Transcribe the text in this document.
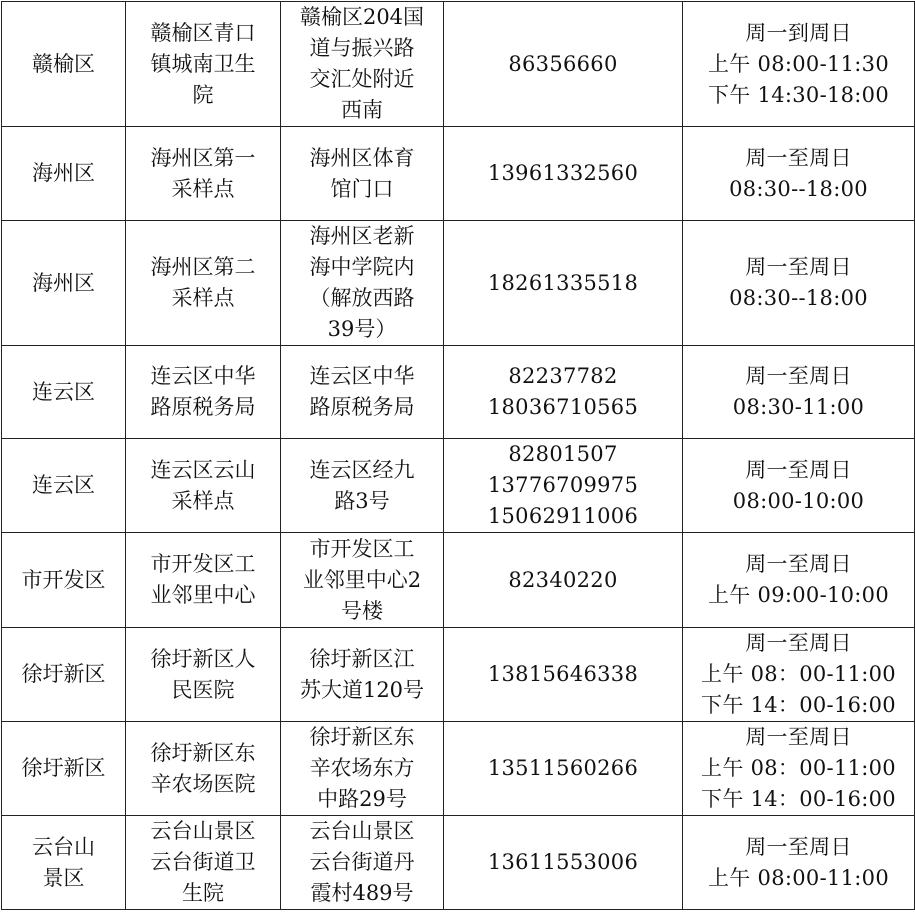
赣榆区	赣榆区青口
镇城南卫生
院	赣榆区204国
道与振兴路
交汇处附近
西南	86356660	周一到周日
上午 08:00-11:30
下午 14:30-18:00

海州区	海州区第一
采样点	海州区体育
馆门口	13961332560	周一至周日
08:30--18:00

海州区	海州区第二
采样点	海州区老新
海中学院内
（解放西路
39号）	18261335518	周一至周日
08:30--18:00

连云区	连云区中华
路原税务局	连云区中华
路原税务局	82237782
18036710565	周一至周日
08:30-11:00

连云区	连云区云山
采样点	连云区经九
路3号	82801507
13776709975
15062911006	周一至周日
08:00-10:00

市开发区	市开发区工
业邻里中心	市开发区工
业邻里中心2
号楼	82340220	周一至周日
上午 09:00-10:00

徐圩新区	徐圩新区人
民医院	徐圩新区江
苏大道120号	13815646338	周一至周日
上午 08：00-11:00
下午 14：00-16:00

徐圩新区	徐圩新区东
辛农场医院	徐圩新区东
辛农场东方
中路29号	13511560266	周一至周日
上午 08：00-11:00
下午 14：00-16:00

云台山
景区	云台山景区
云台街道卫
生院	云台山景区
云台街道丹
霞村489号	13611553006	周一至周日
上午 08:00-11:00
